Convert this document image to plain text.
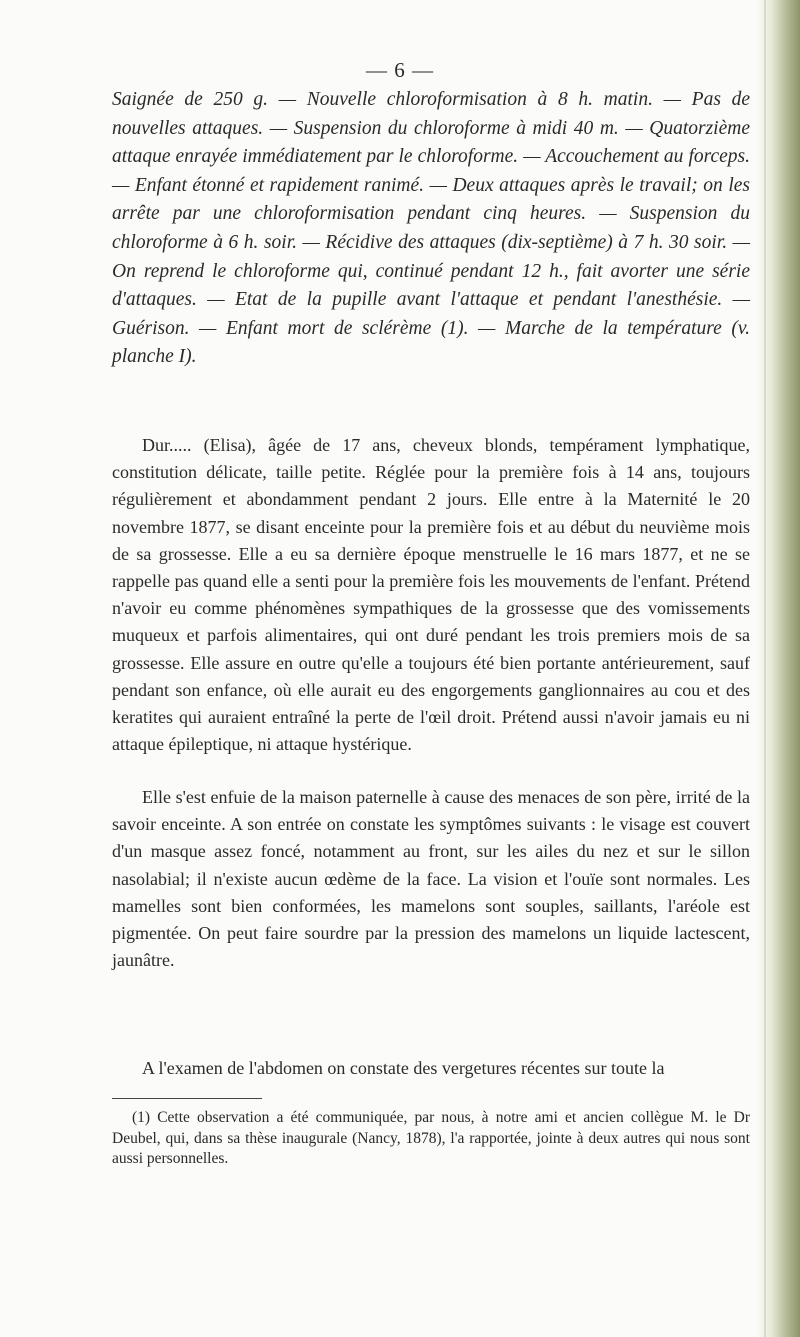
— 6 —

Saignée de 250 g. — Nouvelle chloroformisation à 8 h. matin. — Pas de nouvelles attaques. — Suspension du chloroforme à midi 40 m. — Quatorzième attaque enrayée immédiatement par le chloroforme. — Accouchement au forceps. — Enfant étonné et rapidement ranimé. — Deux attaques après le travail; on les arrête par une chloroformisation pendant cinq heures. — Suspension du chloroforme à 6 h. soir. — Récidive des attaques (dix-septième) à 7 h. 30 soir. — On reprend le chloroforme qui, continué pendant 12 h., fait avorter une série d'attaques. — Etat de la pupille avant l'attaque et pendant l'anesthésie. — Guérison. — Enfant mort de sclérème (1). — Marche de la température (v. planche I).

Dur..... (Elisa), âgée de 17 ans, cheveux blonds, tempérament lymphatique, constitution délicate, taille petite. Réglée pour la première fois à 14 ans, toujours régulièrement et abondamment pendant 2 jours. Elle entre à la Maternité le 20 novembre 1877, se disant enceinte pour la première fois et au début du neuvième mois de sa grossesse. Elle a eu sa dernière époque menstruelle le 16 mars 1877, et ne se rappelle pas quand elle a senti pour la première fois les mouvements de l'enfant. Prétend n'avoir eu comme phénomènes sympathiques de la grossesse que des vomissements muqueux et parfois alimentaires, qui ont duré pendant les trois premiers mois de sa grossesse. Elle assure en outre qu'elle a toujours été bien portante antérieurement, sauf pendant son enfance, où elle aurait eu des engorgements ganglionnaires au cou et des keratites qui auraient entraîné la perte de l'œil droit. Prétend aussi n'avoir jamais eu ni attaque épileptique, ni attaque hystérique.

Elle s'est enfuie de la maison paternelle à cause des menaces de son père, irrité de la savoir enceinte. A son entrée on constate les symptômes suivants : le visage est couvert d'un masque assez foncé, notamment au front, sur les ailes du nez et sur le sillon nasolabial; il n'existe aucun œdème de la face. La vision et l'ouïe sont normales. Les mamelles sont bien conformées, les mamelons sont souples, saillants, l'aréole est pigmentée. On peut faire sourdre par la pression des mamelons un liquide lactescent, jaunâtre.

A l'examen de l'abdomen on constate des vergetures récentes sur toute la

(1) Cette observation a été communiquée, par nous, à notre ami et ancien collègue M. le Dr Deubel, qui, dans sa thèse inaugurale (Nancy, 1878), l'a rapportée, jointe à deux autres qui nous sont aussi personnelles.
